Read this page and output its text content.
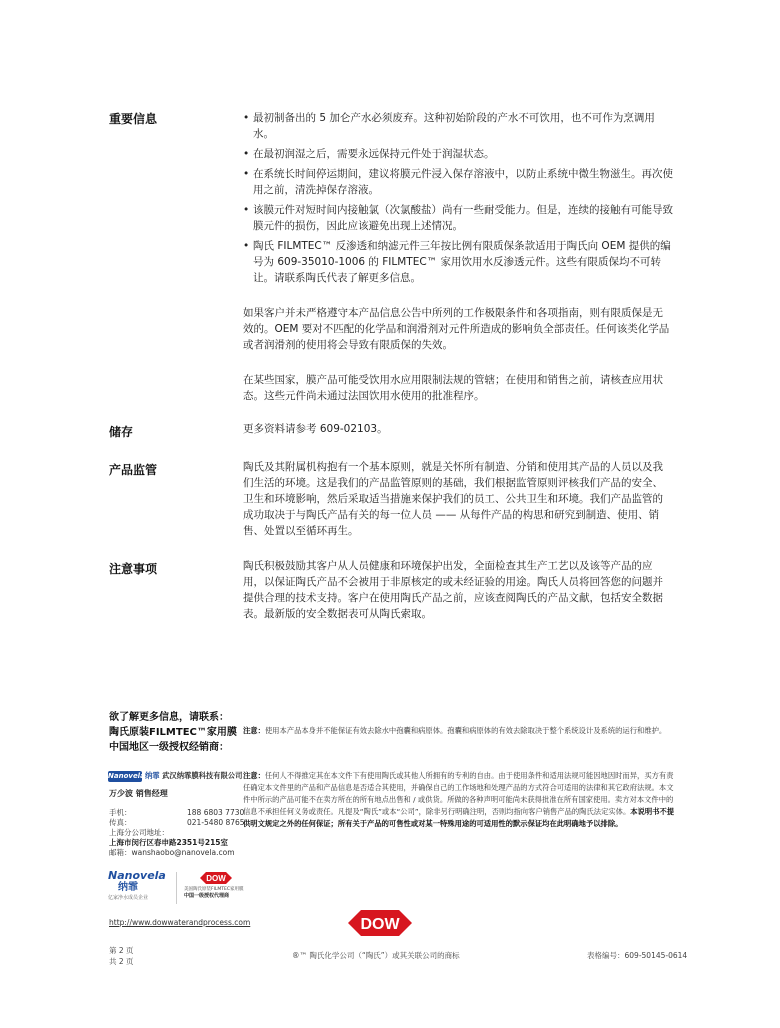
重要信息	• 最初制备出的 5 加仑产水必须废弃。这种初始阶段的产水不可饮用，也不可作为烹调用水。
• 在最初润湿之后，需要永远保持元件处于润湿状态。
• 在系统长时间停运期间，建议将膜元件浸入保存溶液中，以防止系统中微生物滋生。再次使用之前，清洗掉保存溶液。
• 该膜元件对短时间内接触氯（次氯酸盐）尚有一些耐受能力。但是，连续的接触有可能导致膜元件的损伤，因此应该避免出现上述情况。
• 陶氏 FILMTEC™ 反渗透和纳滤元件三年按比例有限质保条款适用于陶氏向 OEM 提供的编号为 609-35010-1006 的 FILMTEC™ 家用饮用水反渗透元件。这些有限质保均不可转让。请联系陶氏代表了解更多信息。

如果客户并未严格遵守本产品信息公告中所列的工作极限条件和各项指南，则有限质保是无效的。OEM 要对不匹配的化学品和润滑剂对元件所造成的影响负全部责任。任何该类化学品或者润滑剂的使用将会导致有限质保的失效。

在某些国家，膜产品可能受饮用水应用限制法规的管辖；在使用和销售之前，请核查应用状态。这些元件尚未通过法国饮用水使用的批准程序。

储存	更多资料请参考 609-02103。

产品监管	陶氏及其附属机构抱有一个基本原则，就是关怀所有制造、分销和使用其产品的人员以及我们生活的环境。这是我们的产品监管原则的基础，我们根据监管原则评核我们产品的安全、卫生和环境影响，然后采取适当措施来保护我们的员工、公共卫生和环境。我们产品监管的成功取决于与陶氏产品有关的每一位人员 —— 从每件产品的构思和研究到制造、使用、销售、处置以至循环再生。

注意事项	陶氏积极鼓励其客户从人员健康和环境保护出发，全面检查其生产工艺以及该等产品的应用，以保证陶氏产品不会被用于非原核定的或未经证验的用途。陶氏人员将回答您的问题并提供合理的技术支持。客户在使用陶氏产品之前，应该查阅陶氏的产品文献，包括安全数据表。最新版的安全数据表可从陶氏索取。

欲了解更多信息，请联系：
陶氏原装FILMTEC™家用膜
中国地区一级授权经销商：
Nanovela 纳霏 武汉纳霏膜科技有限公司
万少波 销售经理
手机：	188 6803 7730
传真：	021-5480 8765
上海分公司地址：
上海市闵行区春申路2351号215室
邮箱：wanshaobo@nanovela.com
Nanovela
纳霏
亿家净水成员企业
DOW
美国陶氏原装FILMTEC家用膜
中国一级授权代理商
http://www.dowwaterandprocess.com
注意：使用本产品本身并不能保证有效去除水中孢囊和病原体。孢囊和病原体的有效去除取决于整个系统设计及系统的运行和维护。
注意：任何人不得推定其在本文件下有使用陶氏或其他人所拥有的专利的自由。由于使用条件和适用法规可能因地因时而异，买方有责任确定本文件里的产品和产品信息是否适合其使用，并确保自己的工作场地和处理产品的方式符合可适用的法律和其它政府法规。本文件中所示的产品可能不在卖方所在的所有地点出售和 / 或供货。所做的各种声明可能尚未获得批准在所有国家使用。卖方对本文件中的信息不承担任何义务或责任。凡提及“陶氏”或本“公司”，除非另行明确注明，否则均指向客户销售产品的陶氏法定实体。本说明书不提供明文规定之外的任何保证；所有关于产品的可售性或对某一特殊用途的可适用性的默示保证均在此明确地予以排除。
DOW
第 2 页
共 2 页
®™ 陶氏化学公司（“陶氏”）或其关联公司的商标	表格编号：609-50145-0614
